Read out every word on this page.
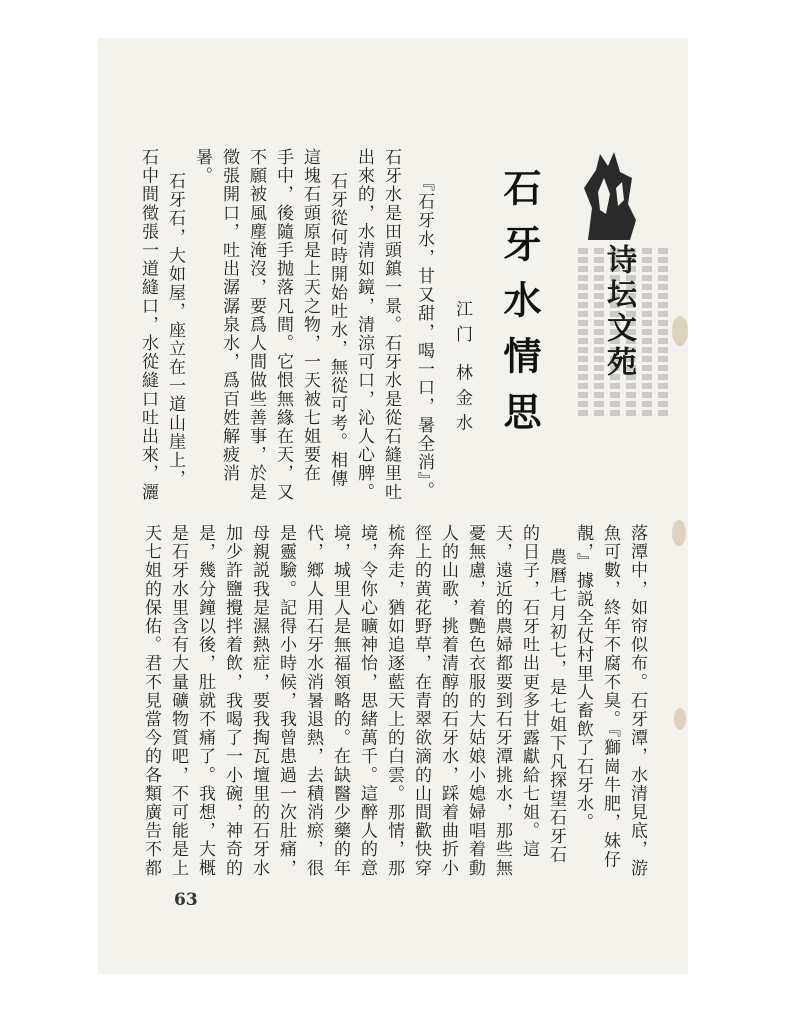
诗坛文苑
石牙水情思
江门 林金水
『石牙水，甘又甜，喝一口，暑全消』。
石牙水是田頭鎮一景。石牙水是從石縫里吐
出來的，水清如鏡，清涼可口，沁人心脾。
石牙從何時開始吐水，無從可考。相傳
這塊石頭原是上天之物，一天被七姐要在
手中，後隨手抛落凡間。它恨無緣在天，又
不願被風塵淹沒，要爲人間做些善事，於是
徵張開口，吐出潺潺泉水，爲百姓解疲消
暑。
石牙石，大如屋，座立在一道山崖上，
石中間徵張一道縫口，水從縫口吐出來，灑
落潭中，如帘似布。石牙潭，水清見底，游
魚可數，終年不腐不臭。『獅崗牛肥，妹仔
靚，』據説全仗村里人畜飲了石牙水。
農曆七月初七，是七姐下凡探望石牙石
的日子，石牙吐出更多甘露獻給七姐。這
天，遠近的農婦都要到石牙潭挑水，那些無
憂無慮，着艷色衣服的大姑娘小媳婦唱着動
人的山歌，挑着清醇的石牙水，踩着曲折小
徑上的黄花野草，在青翠欲滴的山間歡快穿
梳奔走，猶如追逐藍天上的白雲。那情，那
境，令你心曠神怡，思緒萬千。這醉人的意
境，城里人是無福領略的。在缺醫少藥的年
代，鄉人用石牙水消暑退熱，去積消瘀，很
是靈驗。記得小時候，我曾患過一次肚痛，
母親説我是濕熱症，要我掏瓦壇里的石牙水
加少許鹽攪拌着飲，我喝了一小碗，神奇的
是，幾分鐘以後，肚就不痛了。我想，大概
是石牙水里含有大量礦物質吧，不可能是上
天七姐的保佑。君不見當今的各類廣告不都
63
